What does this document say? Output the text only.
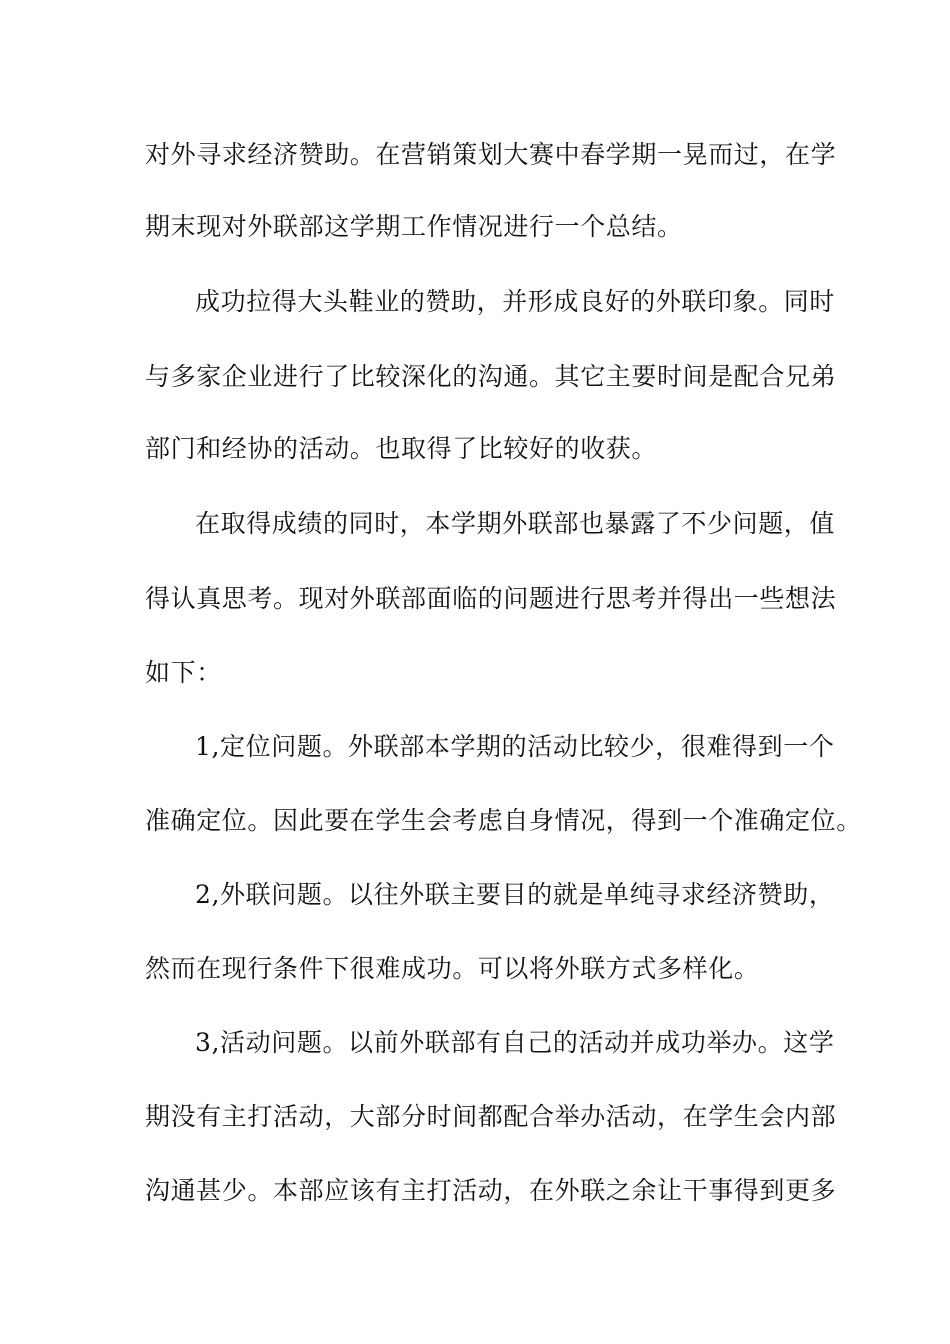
对外寻求经济赞助。在营销策划大赛中春学期一晃而过，在学
期末现对外联部这学期工作情况进行一个总结。
成功拉得大头鞋业的赞助，并形成良好的外联印象。同时
与多家企业进行了比较深化的沟通。其它主要时间是配合兄弟
部门和经协的活动。也取得了比较好的收获。
在取得成绩的同时，本学期外联部也暴露了不少问题，值
得认真思考。现对外联部面临的问题进行思考并得出一些想法
如下：
1,定位问题。外联部本学期的活动比较少，很难得到一个
准确定位。因此要在学生会考虑自身情况，得到一个准确定位。
2,外联问题。以往外联主要目的就是单纯寻求经济赞助，
然而在现行条件下很难成功。可以将外联方式多样化。
3,活动问题。以前外联部有自己的活动并成功举办。这学
期没有主打活动，大部分时间都配合举办活动，在学生会内部
沟通甚少。本部应该有主打活动，在外联之余让干事得到更多
